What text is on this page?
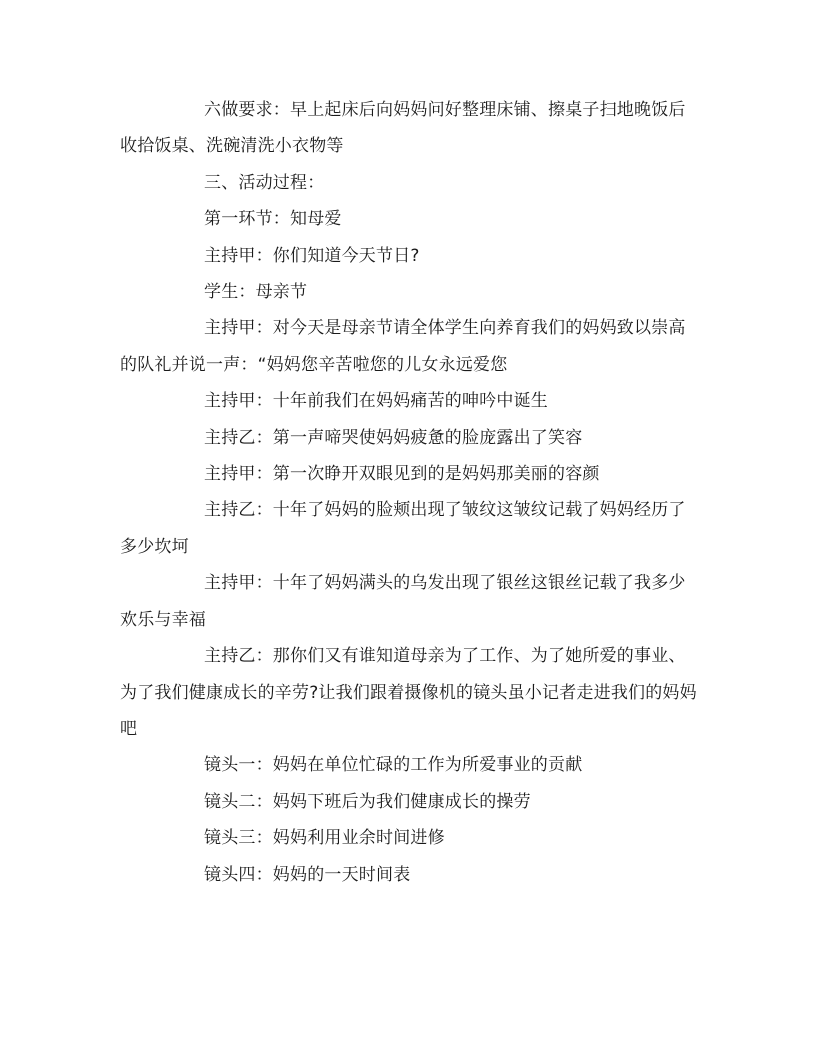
六做要求：早上起床后向妈妈问好整理床铺、擦桌子扫地晚饭后收拾饭桌、洗碗清洗小衣物等

三、活动过程：

第一环节：知母爱

主持甲：你们知道今天节日?

学生：母亲节

主持甲：对今天是母亲节请全体学生向养育我们的妈妈致以崇高的队礼并说一声：“妈妈您辛苦啦您的儿女永远爱您

主持甲：十年前我们在妈妈痛苦的呻吟中诞生

主持乙：第一声啼哭使妈妈疲惫的脸庞露出了笑容

主持甲：第一次睁开双眼见到的是妈妈那美丽的容颜

主持乙：十年了妈妈的脸颊出现了皱纹这皱纹记载了妈妈经历了多少坎坷

主持甲：十年了妈妈满头的乌发出现了银丝这银丝记载了我多少欢乐与幸福

主持乙：那你们又有谁知道母亲为了工作、为了她所爱的事业、为了我们健康成长的辛劳?让我们跟着摄像机的镜头虽小记者走进我们的妈妈吧

镜头一：妈妈在单位忙碌的工作为所爱事业的贡献

镜头二：妈妈下班后为我们健康成长的操劳

镜头三：妈妈利用业余时间进修

镜头四：妈妈的一天时间表
